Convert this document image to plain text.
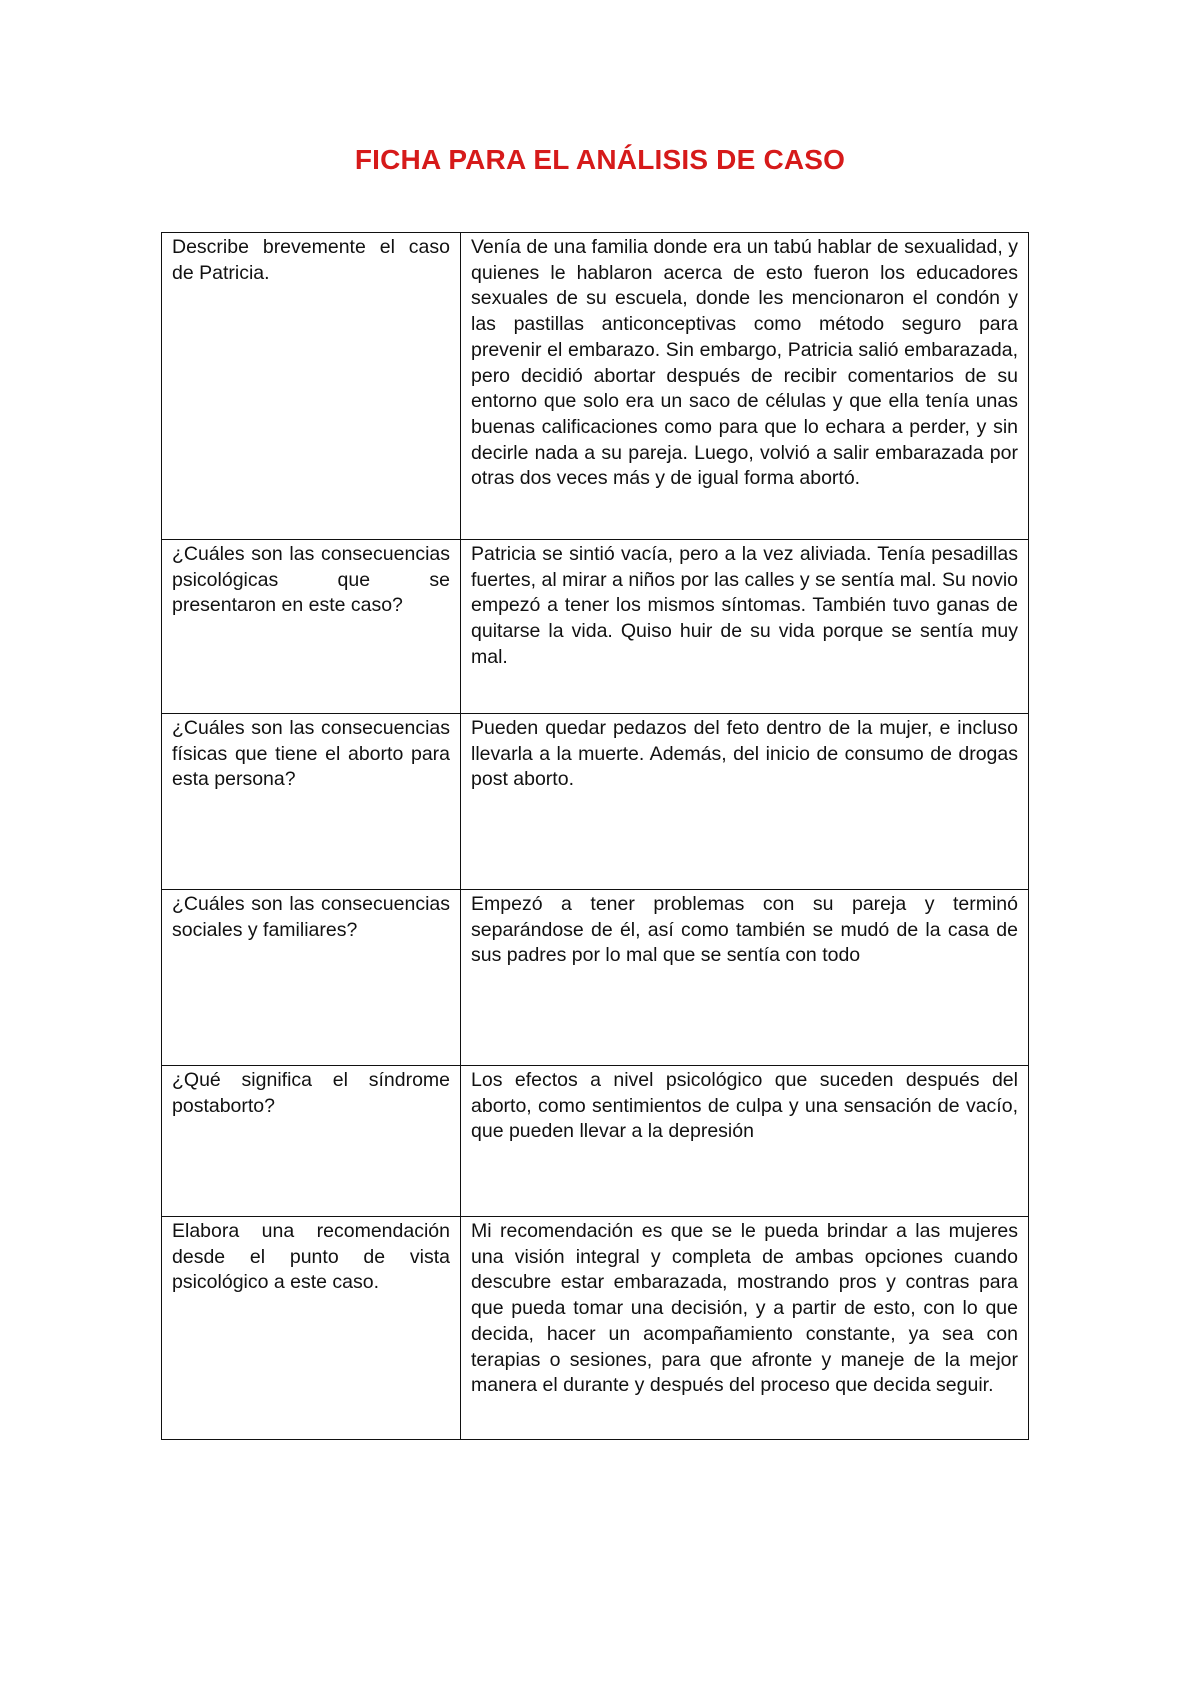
FICHA PARA EL ANÁLISIS DE CASO
Describe brevemente el caso de Patricia.	Venía de una familia donde era un tabú hablar de sexualidad, y quienes le hablaron acerca de esto fueron los educadores sexuales de su escuela, donde les mencionaron el condón y las pastillas anticonceptivas como método seguro para prevenir el embarazo. Sin embargo, Patricia salió embarazada, pero decidió abortar después de recibir comentarios de su entorno que solo era un saco de células y que ella tenía unas buenas calificaciones como para que lo echara a perder, y sin decirle nada a su pareja. Luego, volvió a salir embarazada por otras dos veces más y de igual forma abortó.
¿Cuáles son las consecuencias psicológicas que se presentaron en este caso?	Patricia se sintió vacía, pero a la vez aliviada. Tenía pesadillas fuertes, al mirar a niños por las calles y se sentía mal. Su novio empezó a tener los mismos síntomas. También tuvo ganas de quitarse la vida. Quiso huir de su vida porque se sentía muy mal.
¿Cuáles son las consecuencias físicas que tiene el aborto para esta persona?	Pueden quedar pedazos del feto dentro de la mujer, e incluso llevarla a la muerte. Además, del inicio de consumo de drogas post aborto.
¿Cuáles son las consecuencias sociales y familiares?	Empezó a tener problemas con su pareja y terminó separándose de él, así como también se mudó de la casa de sus padres por lo mal que se sentía con todo
¿Qué significa el síndrome postaborto?	Los efectos a nivel psicológico que suceden después del aborto, como sentimientos de culpa y una sensación de vacío, que pueden llevar a la depresión
Elabora una recomendación desde el punto de vista psicológico a este caso.	Mi recomendación es que se le pueda brindar a las mujeres una visión integral y completa de ambas opciones cuando descubre estar embarazada, mostrando pros y contras para que pueda tomar una decisión, y a partir de esto, con lo que decida, hacer un acompañamiento constante, ya sea con terapias o sesiones, para que afronte y maneje de la mejor manera el durante y después del proceso que decida seguir.
